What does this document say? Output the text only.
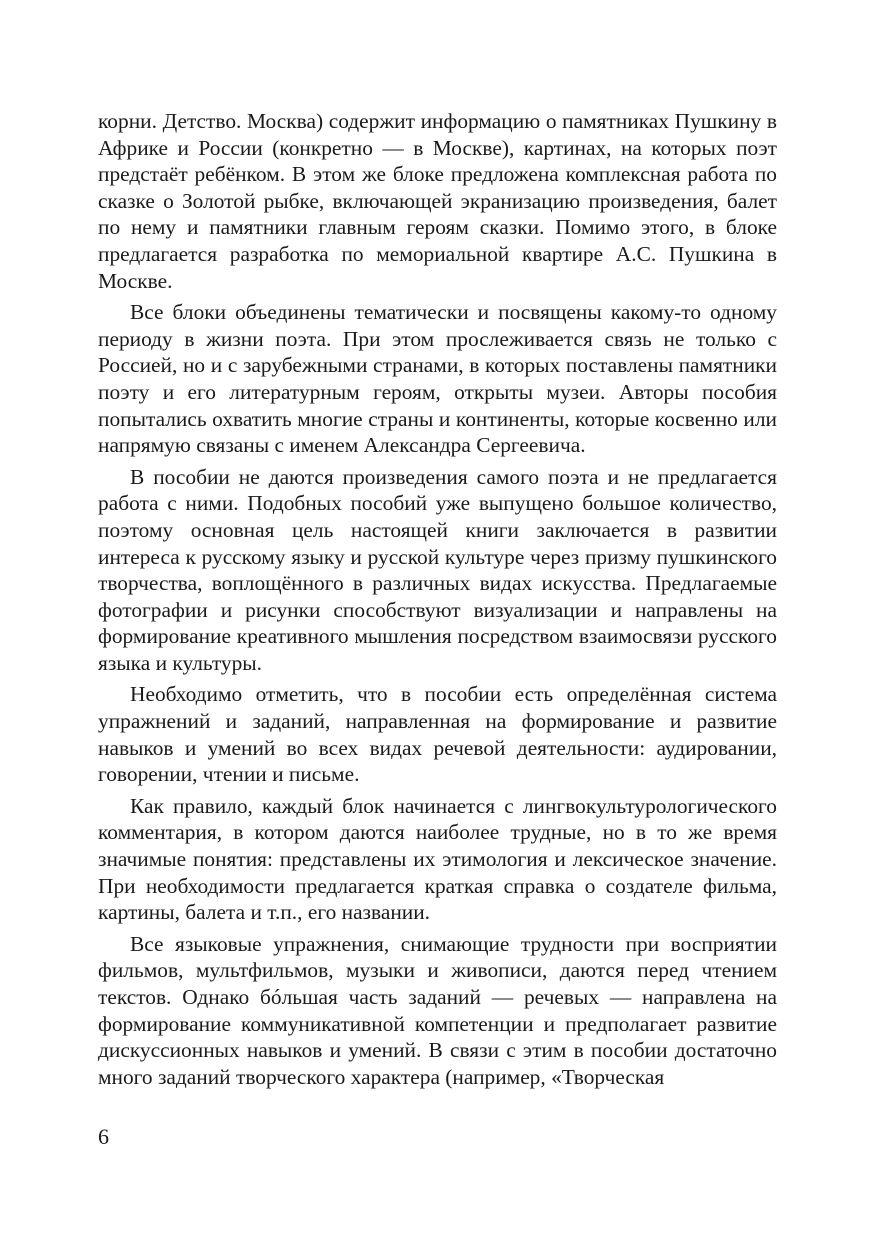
корни. Детство. Москва) содержит информацию о памятниках Пушкину в Африке и России (конкретно — в Москве), картинах, на которых поэт предстаёт ребёнком. В этом же блоке предложена комплексная работа по сказке о Золотой рыбке, включающей экранизацию произведения, балет по нему и памятники главным героям сказки. Помимо этого, в блоке предлагается разработка по мемориальной квартире А.С. Пушкина в Москве.

Все блоки объединены тематически и посвящены какому-то одному периоду в жизни поэта. При этом прослеживается связь не только с Россией, но и с зарубежными странами, в которых поставлены памятники поэту и его литературным героям, открыты музеи. Авторы пособия попытались охватить многие страны и континенты, которые косвенно или напрямую связаны с именем Александра Сергеевича.

В пособии не даются произведения самого поэта и не предлагается работа с ними. Подобных пособий уже выпущено большое количество, поэтому основная цель настоящей книги заключается в развитии интереса к русскому языку и русской культуре через призму пушкинского творчества, воплощённого в различных видах искусства. Предлагаемые фотографии и рисунки способствуют визуализации и направлены на формирование креативного мышления посредством взаимосвязи русского языка и культуры.

Необходимо отметить, что в пособии есть определённая система упражнений и заданий, направленная на формирование и развитие навыков и умений во всех видах речевой деятельности: аудировании, говорении, чтении и письме.

Как правило, каждый блок начинается с лингвокультурологического комментария, в котором даются наиболее трудные, но в то же время значимые понятия: представлены их этимология и лексическое значение. При необходимости предлагается краткая справка о создателе фильма, картины, балета и т.п., его названии.

Все языковые упражнения, снимающие трудности при восприятии фильмов, мультфильмов, музыки и живописи, даются перед чтением текстов. Однако бóльшая часть заданий — речевых — направлена на формирование коммуникативной компетенции и предполагает развитие дискуссионных навыков и умений. В связи с этим в пособии достаточно много заданий творческого характера (например, «Творческая

6
